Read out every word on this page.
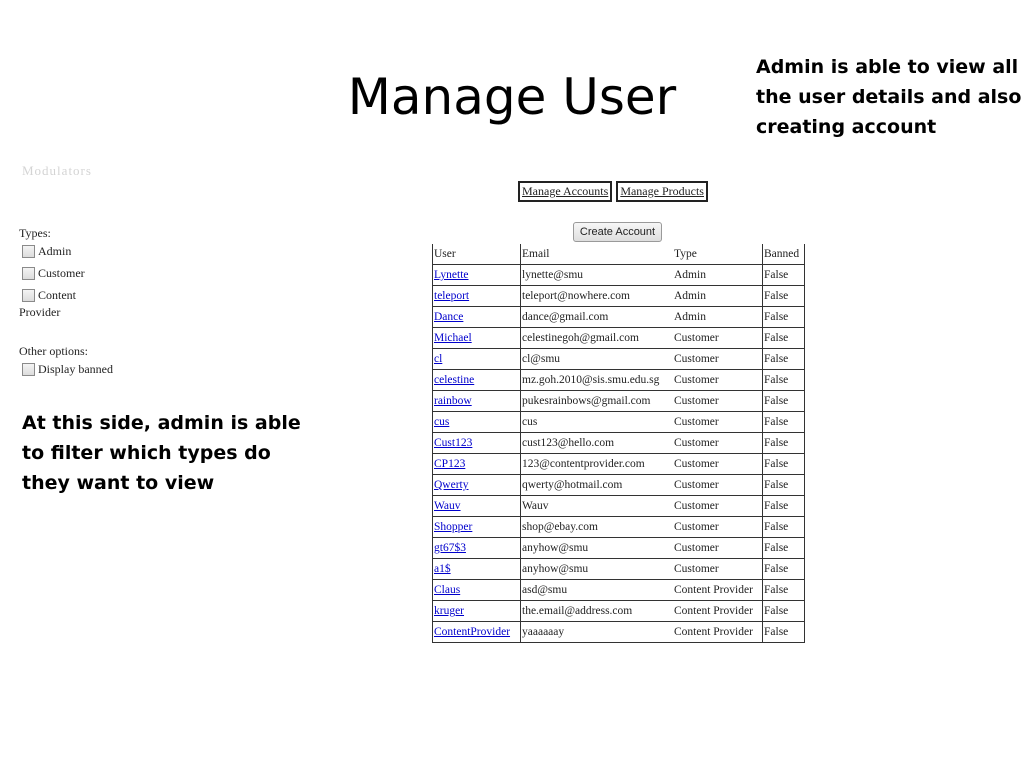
Manage User
Admin is able to view all the user details and also creating account
Modulators
Types:
Admin
Customer
Content
Provider
Other options:
Display banned
At this side, admin is able to filter which types do they want to view
Manage Accounts	Manage Products
Create Account
User	Email	Type	Banned
Lynette	lynette@smu	Admin	False
teleport	teleport@nowhere.com	Admin	False
Dance	dance@gmail.com	Admin	False
Michael	celestinegoh@gmail.com	Customer	False
cl	cl@smu	Customer	False
celestine	mz.goh.2010@sis.smu.edu.sg	Customer	False
rainbow	pukesrainbows@gmail.com	Customer	False
cus	cus	Customer	False
Cust123	cust123@hello.com	Customer	False
CP123	123@contentprovider.com	Customer	False
Qwerty	qwerty@hotmail.com	Customer	False
Wauv	Wauv	Customer	False
Shopper	shop@ebay.com	Customer	False
gt67$3	anyhow@smu	Customer	False
a1$	anyhow@smu	Customer	False
Claus	asd@smu	Content Provider	False
kruger	the.email@address.com	Content Provider	False
ContentProvider	yaaaaaay	Content Provider	False
